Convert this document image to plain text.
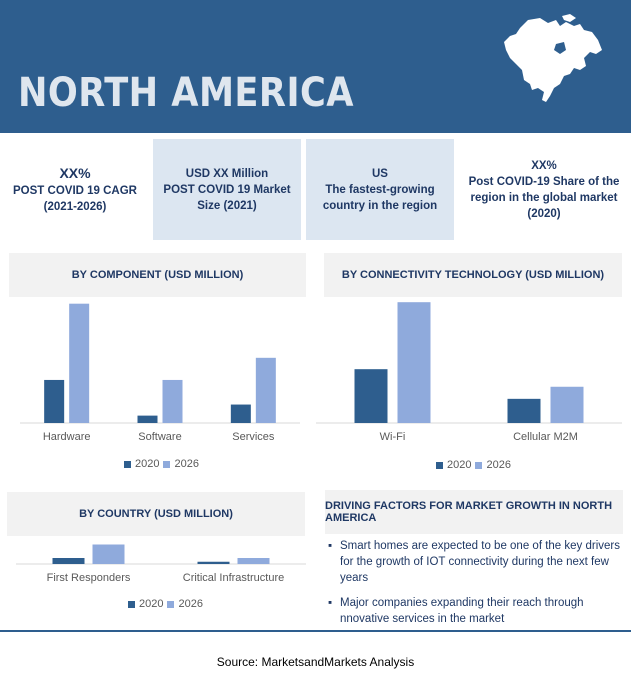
NORTH AMERICA
XX%
POST COVID 19 CAGR (2021-2026)
USD XX Million
POST COVID 19 Market Size (2021)
US
The fastest-growing country in the region
XX%
Post COVID-19 Share of the region in the global market (2020)
BY COMPONENT (USD MILLION)	BY CONNECTIVITY TECHNOLOGY (USD MILLION)
BY COUNTRY (USD MILLION)
DRIVING FACTORS FOR MARKET GROWTH IN NORTH AMERICA
Hardware	Software	Services	Wi-Fi	Cellular M2M
First Responders	Critical Infrastructure
2020 2026	2020 2026
2020 2026
▪ Smart homes are expected to be one of the key drivers for the growth of IOT connectivity during the next few years
▪ Major companies expanding their reach through nnovative services in the market
Source: MarketsandMarkets Analysis
